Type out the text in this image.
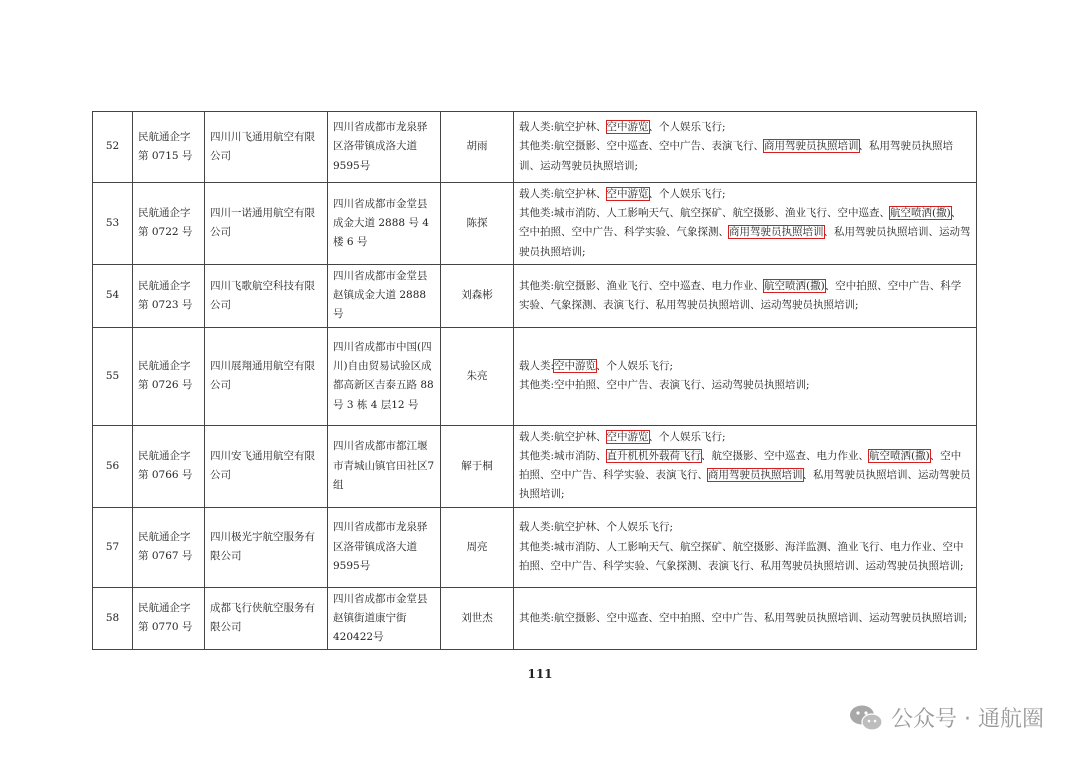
52	民航通企字第 0715 号	四川川飞通用航空有限公司	四川省成都市龙泉驿区洛带镇成洛大道9595号	胡雨	载人类:航空护林、空中游览、个人娱乐飞行;
其他类:航空摄影、空中巡查、空中广告、表演飞行、商用驾驶员执照培训、私用驾驶员执照培训、运动驾驶员执照培训;

53	民航通企字第 0722 号	四川一诺通用航空有限公司	四川省成都市金堂县成金大道 2888 号 4楼 6 号	陈探	载人类:航空护林、空中游览、个人娱乐飞行;
其他类:城市消防、人工影响天气、航空探矿、航空摄影、渔业飞行、空中巡查、航空喷洒(撒)、空中拍照、空中广告、科学实验、气象探测、商用驾驶员执照培训、私用驾驶员执照培训、运动驾驶员执照培训;

54	民航通企字第 0723 号	四川飞歌航空科技有限公司	四川省成都市金堂县赵镇成金大道 2888号	刘森彬	其他类:航空摄影、渔业飞行、空中巡查、电力作业、航空喷洒(撒)、空中拍照、空中广告、科学实验、气象探测、表演飞行、私用驾驶员执照培训、运动驾驶员执照培训;

55	民航通企字第 0726 号	四川展翔通用航空有限公司	四川省成都市中国(四川)自由贸易试验区成都高新区吉泰五路 88 号 3 栋 4 层12 号	朱亮	载人类:空中游览、个人娱乐飞行;
其他类:空中拍照、空中广告、表演飞行、运动驾驶员执照培训;

56	民航通企字第 0766 号	四川安飞通用航空有限公司	四川省成都市都江堰市青城山镇官田社区7组	解于桐	载人类:航空护林、空中游览、个人娱乐飞行;
其他类:城市消防、直升机机外载荷飞行、航空摄影、空中巡查、电力作业、航空喷洒(撒)、空中拍照、空中广告、科学实验、表演飞行、商用驾驶员执照培训、私用驾驶员执照培训、运动驾驶员执照培训;

57	民航通企字第 0767 号	四川极光宇航空服务有限公司	四川省成都市龙泉驿区洛带镇成洛大道9595号	周亮	载人类:航空护林、个人娱乐飞行;
其他类:城市消防、人工影响天气、航空探矿、航空摄影、海洋监测、渔业飞行、电力作业、空中拍照、空中广告、科学实验、气象探测、表演飞行、私用驾驶员执照培训、运动驾驶员执照培训;

58	民航通企字第 0770 号	成都飞行侠航空服务有限公司	四川省成都市金堂县赵镇街道康宁街420422号	刘世杰	其他类:航空摄影、空中巡查、空中拍照、空中广告、私用驾驶员执照培训、运动驾驶员执照培训;
111
公众号 · 通航圈
